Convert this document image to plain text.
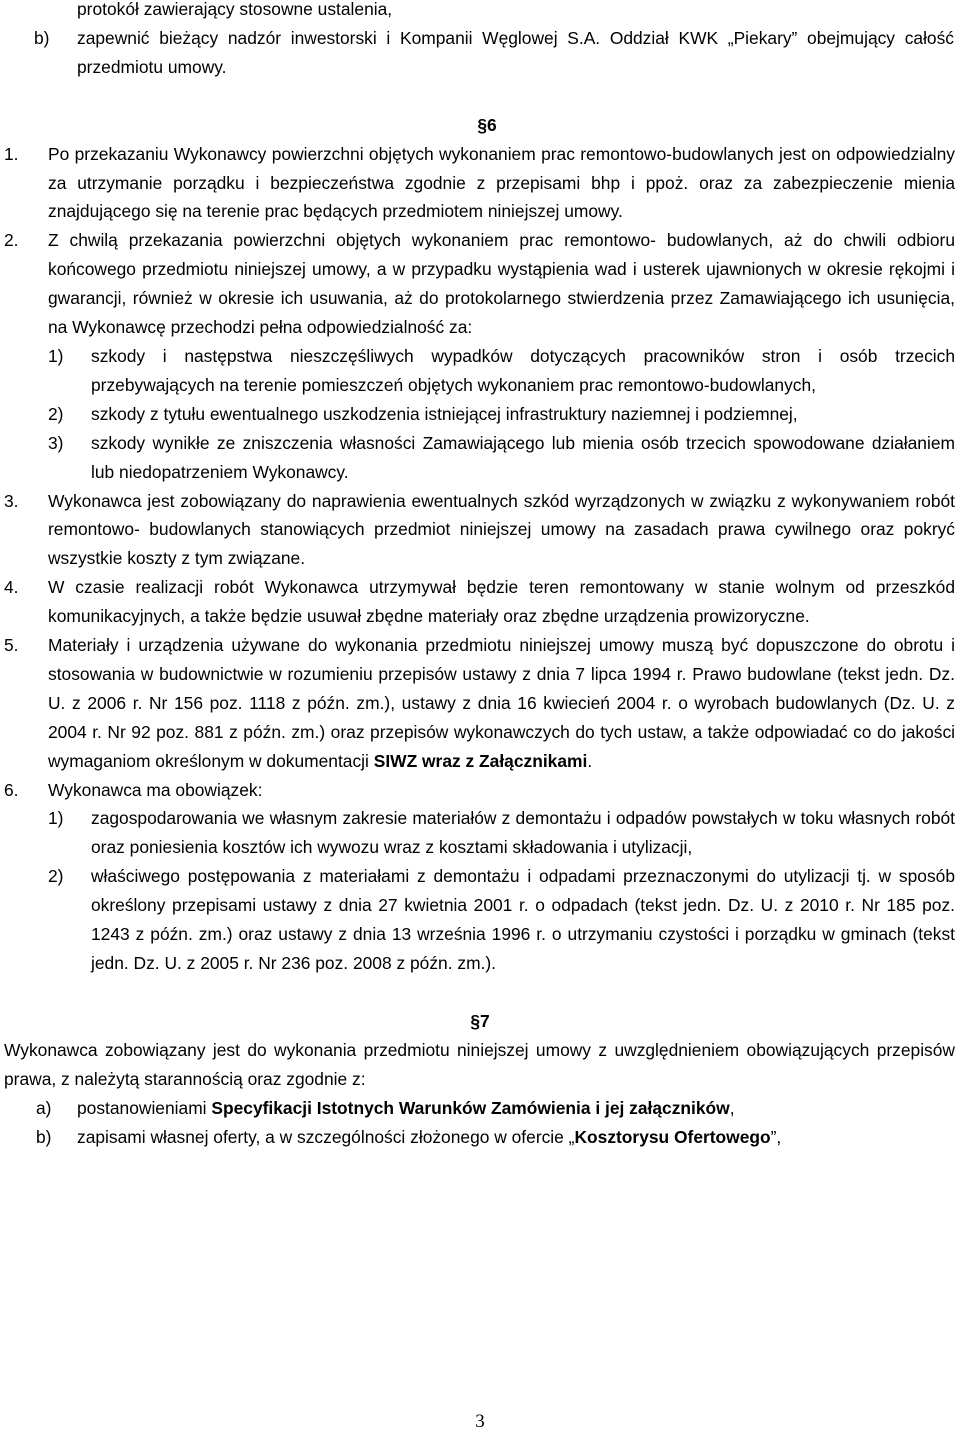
protokół zawierający stosowne ustalenia,

b) zapewnić bieżący nadzór inwestorski i Kompanii Węglowej S.A. Oddział KWK „Piekary” obejmujący całość przedmiotu umowy.

§6

1. Po przekazaniu Wykonawcy powierzchni objętych wykonaniem prac remontowo-budowlanych jest on odpowiedzialny za utrzymanie porządku i bezpieczeństwa zgodnie z przepisami bhp i ppoż. oraz za zabezpieczenie mienia znajdującego się na terenie prac będących przedmiotem niniejszej umowy.

2. Z chwilą przekazania powierzchni objętych wykonaniem prac remontowo- budowlanych, aż do chwili odbioru końcowego przedmiotu niniejszej umowy, a w przypadku wystąpienia wad i usterek ujawnionych w okresie rękojmi i gwarancji, również w okresie ich usuwania, aż do protokolarnego stwierdzenia przez Zamawiającego ich usunięcia, na Wykonawcę przechodzi pełna odpowiedzialność za:

1) szkody i następstwa nieszczęśliwych wypadków dotyczących pracowników stron i osób trzecich przebywających na terenie pomieszczeń objętych wykonaniem prac remontowo-budowlanych,

2) szkody z tytułu ewentualnego uszkodzenia istniejącej infrastruktury naziemnej i podziemnej,

3) szkody wynikłe ze zniszczenia własności Zamawiającego lub mienia osób trzecich spowodowane działaniem lub niedopatrzeniem Wykonawcy.

3. Wykonawca jest zobowiązany do naprawienia ewentualnych szkód wyrządzonych w związku z wykonywaniem robót remontowo- budowlanych stanowiących przedmiot niniejszej umowy na zasadach prawa cywilnego oraz pokryć wszystkie koszty z tym związane.

4. W czasie realizacji robót Wykonawca utrzymywał będzie teren remontowany w stanie wolnym od przeszkód komunikacyjnych, a także będzie usuwał zbędne materiały oraz zbędne urządzenia prowizoryczne.

5. Materiały i urządzenia używane do wykonania przedmiotu niniejszej umowy muszą być dopuszczone do obrotu i stosowania w budownictwie w rozumieniu przepisów ustawy z dnia 7 lipca 1994 r. Prawo budowlane (tekst jedn. Dz. U. z 2006 r. Nr 156 poz. 1118 z późn. zm.), ustawy z dnia 16 kwiecień 2004 r. o wyrobach budowlanych (Dz. U. z 2004 r. Nr 92 poz. 881 z późn. zm.) oraz przepisów wykonawczych do tych ustaw, a także odpowiadać co do jakości wymaganiom określonym w dokumentacji SIWZ wraz z Załącznikami.

6. Wykonawca ma obowiązek:

1) zagospodarowania we własnym zakresie materiałów z demontażu i odpadów powstałych w toku własnych robót oraz poniesienia kosztów ich wywozu wraz z kosztami składowania i utylizacji,

2) właściwego postępowania z materiałami z demontażu i odpadami przeznaczonymi do utylizacji tj. w sposób określony przepisami ustawy z dnia 27 kwietnia 2001 r. o odpadach (tekst jedn. Dz. U. z 2010 r. Nr 185 poz. 1243 z późn. zm.) oraz ustawy z dnia 13 września 1996 r. o utrzymaniu czystości i porządku w gminach (tekst jedn. Dz. U. z 2005 r. Nr 236 poz. 2008 z późn. zm.).

§7

Wykonawca zobowiązany jest do wykonania przedmiotu niniejszej umowy z uwzględnieniem obowiązujących przepisów prawa, z należytą starannością oraz zgodnie z:

a) postanowieniami Specyfikacji Istotnych Warunków Zamówienia i jej załączników,

b) zapisami własnej oferty, a w szczególności złożonego w ofercie „Kosztorysu Ofertowego”,

3
